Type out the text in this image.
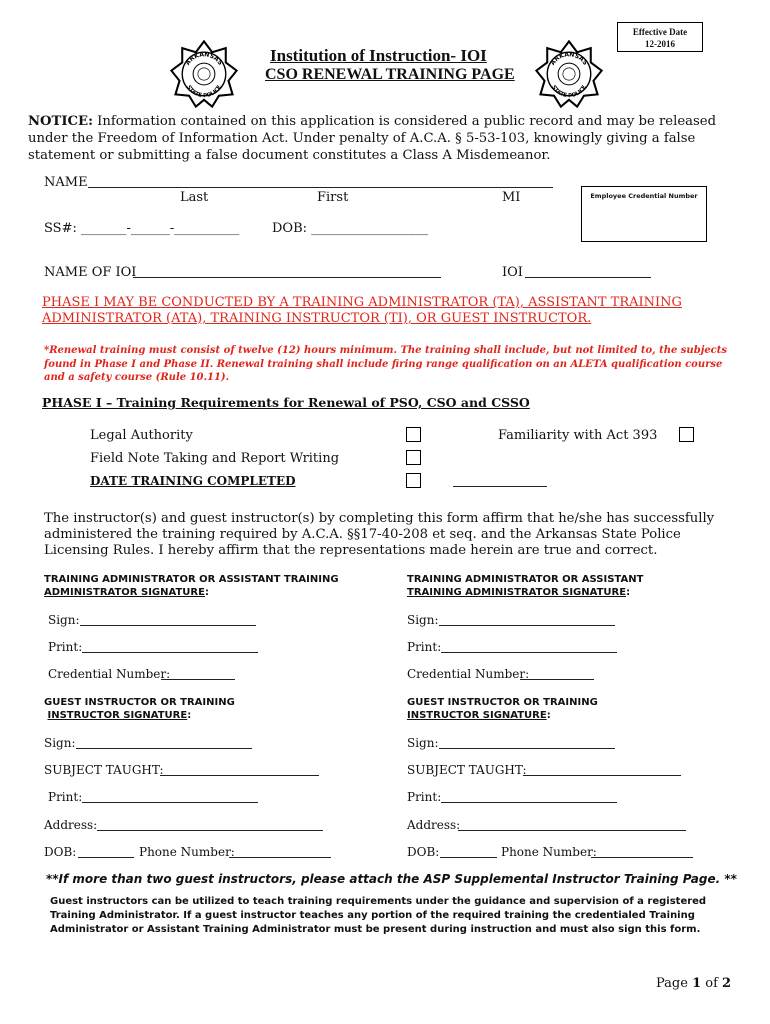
Effective Date
12-2016
ARKANSAS
STATE POLICE
Institution of Instruction- IOI
CSO RENEWAL TRAINING PAGE
ARKANSAS
STATE POLICE
NOTICE: Information contained on this application is considered a public record and may be released under the Freedom of Information Act. Under penalty of A.C.A. § 5-53-103, knowingly giving a false statement or submitting a false document constitutes a Class A Misdemeanor.
NAME
Last	First	MI	Employee Credential Number
SS#: _______-______-__________	DOB: __________________
NAME OF IOI	IOI
PHASE I MAY BE CONDUCTED BY A TRAINING ADMINISTRATOR (TA), ASSISTANT TRAINING ADMINISTRATOR (ATA), TRAINING INSTRUCTOR (TI), OR GUEST INSTRUCTOR.
*Renewal training must consist of twelve (12) hours minimum. The training shall include, but not limited to, the subjects found in Phase I and Phase II. Renewal training shall include firing range qualification on an ALETA qualification course and a safety course (Rule 10.11).
PHASE I – Training Requirements for Renewal of PSO, CSO and CSSO
Legal Authority	Familiarity with Act 393
Field Note Taking and Report Writing
DATE TRAINING COMPLETED
The instructor(s) and guest instructor(s) by completing this form affirm that he/she has successfully administered the training required by A.C.A. §§17-40-208 et seq. and the Arkansas State Police Licensing Rules. I hereby affirm that the representations made herein are true and correct.
TRAINING ADMINISTRATOR OR ASSISTANT TRAINING
ADMINISTRATOR SIGNATURE:
TRAINING ADMINISTRATOR OR ASSISTANT
TRAINING ADMINISTRATOR SIGNATURE:
Sign:
Print:
Credential Number:
Sign:
Print:
Credential Number:
GUEST INSTRUCTOR OR TRAINING
INSTRUCTOR SIGNATURE:
GUEST INSTRUCTOR OR TRAINING
INSTRUCTOR SIGNATURE:
Sign:
SUBJECT TAUGHT:
Print:
Address:
DOB:	Phone Number:
Sign:
SUBJECT TAUGHT:
Print:
Address:
DOB:	Phone Number:
**If more than two guest instructors, please attach the ASP Supplemental Instructor Training Page. **
Guest instructors can be utilized to teach training requirements under the guidance and supervision of a registered Training Administrator. If a guest instructor teaches any portion of the required training the credentialed Training Administrator or Assistant Training Administrator must be present during instruction and must also sign this form.
Page 1 of 2
